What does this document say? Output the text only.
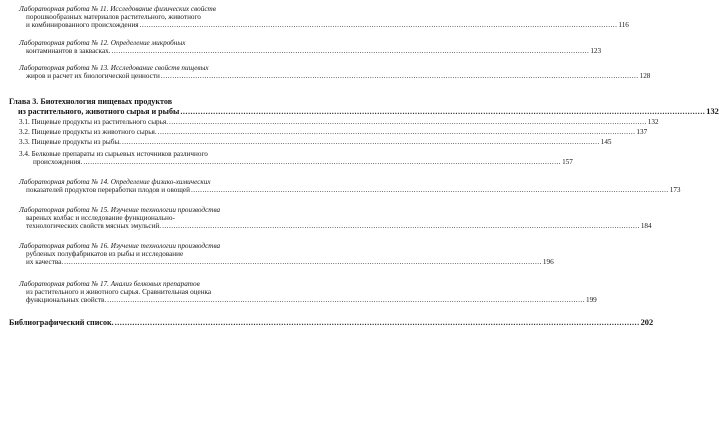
Лабораторная работа № 11. Исследование физических свойств
порошкообразных материалов растительного, животного
и комбинированного происхождения .....	116
Лабораторная работа № 12. Определение микробных
контаминантов в закваскax. .....	123
Лабораторная работа № 13. Исследование свойств пищевых
жиров и расчет их биологической ценности .....	128
Глава 3. Биотехнология пищевых продуктов
из растительного, животного сырья и рыбы .....	132
3.1. Пищевые продукты из растительного сырья. .....	132
3.2. Пищевые продукты из животного сырья. .....	137
3.3. Пищевые продукты из рыбы. .....	145
3.4. Белковые препараты из сырьевых источников различного
происхождения. .....	157
Лабораторная работа № 14. Определение физико-химических
показателей продуктов переработки плодов и овощей .....	173
Лабораторная работа № 15. Изучение технологии производства
вареных колбас и исследование функционально-
технологических свойств мясных эмульсий. .....	184
Лабораторная работа № 16. Изучение технологии производства
рубленых полуфабрикатов из рыбы и исследование
их качества. .....	196
Лабораторная работа № 17. Анализ белковых препаратов
из растительного и животного сырья. Сравнительная оценка
функциональных свойств. .....	199
Библиографический список. .....	202
